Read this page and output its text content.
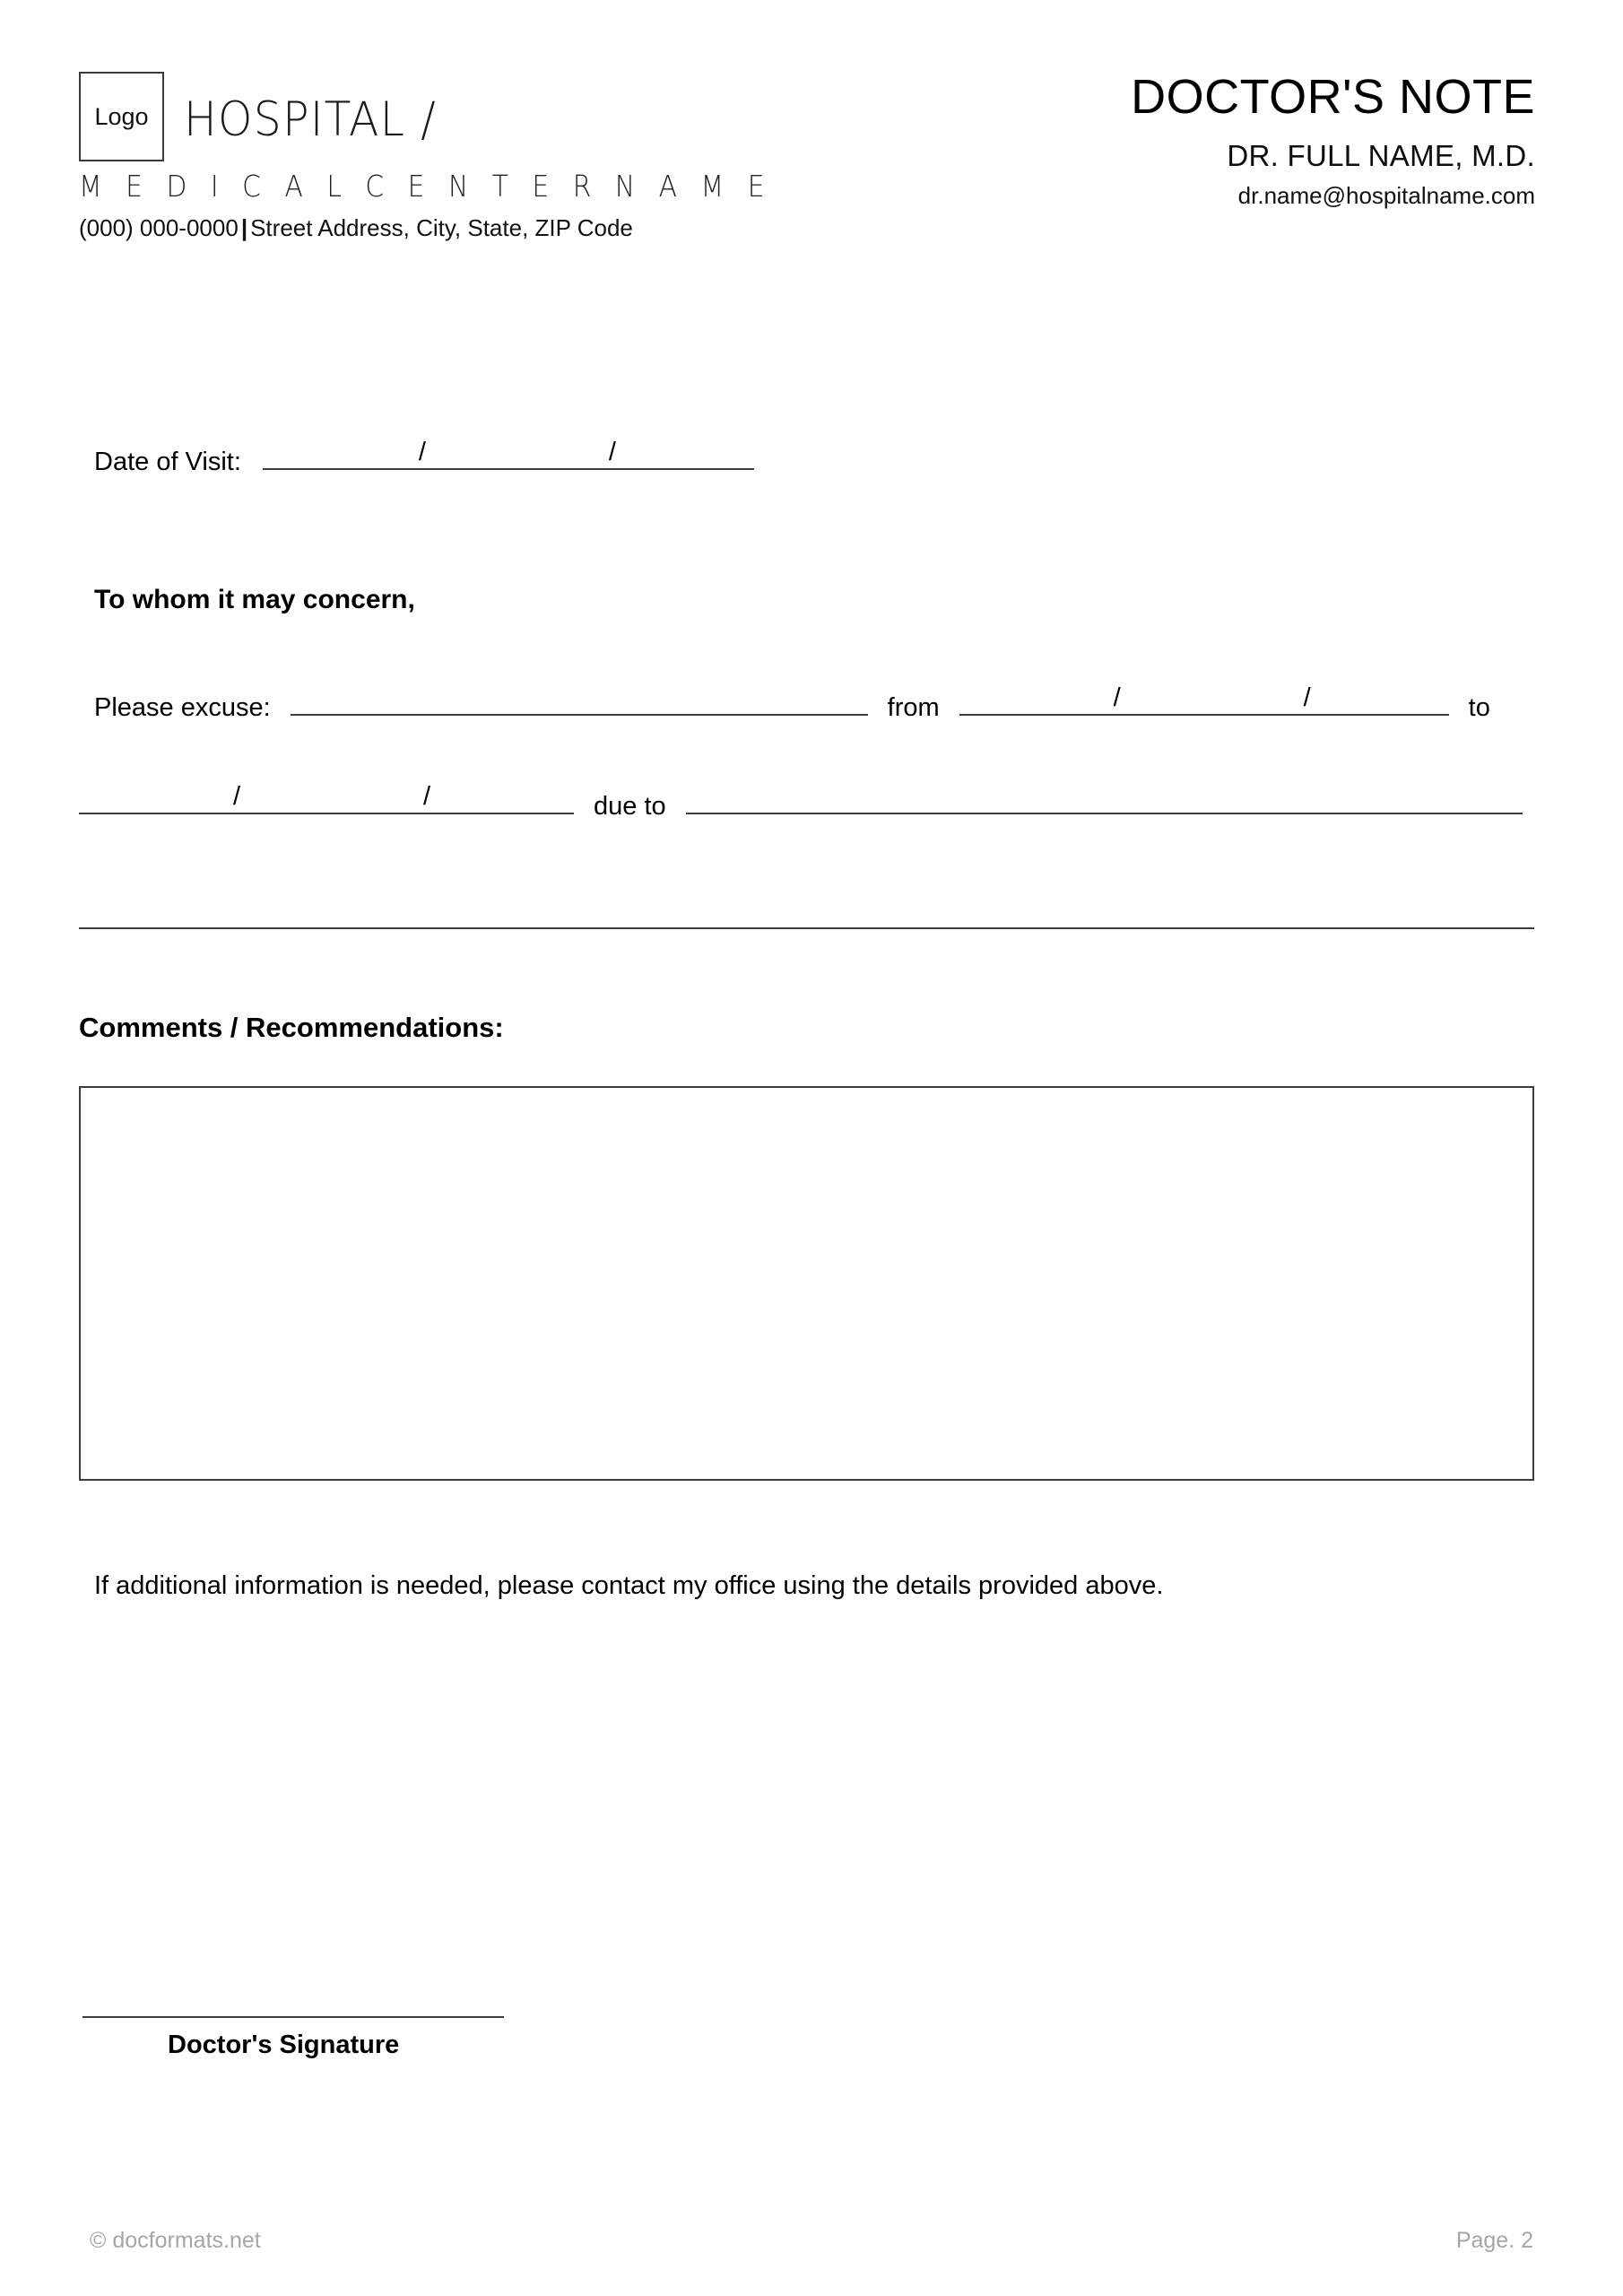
Logo HOSPITAL /
M E D I C A L C E N T E R N A M E
(000) 000-0000 | Street Address, City, State, ZIP Code
DOCTOR'S NOTE
DR. FULL NAME, M.D.
dr.name@hospitalname.com
Date of Visit:	/	/
To whom it may concern,
Please excuse:	from	/	/	to
/	/	due to
Comments / Recommendations:
If additional information is needed, please contact my office using the details provided above.
Doctor's Signature
© docformats.net	Page. 2
